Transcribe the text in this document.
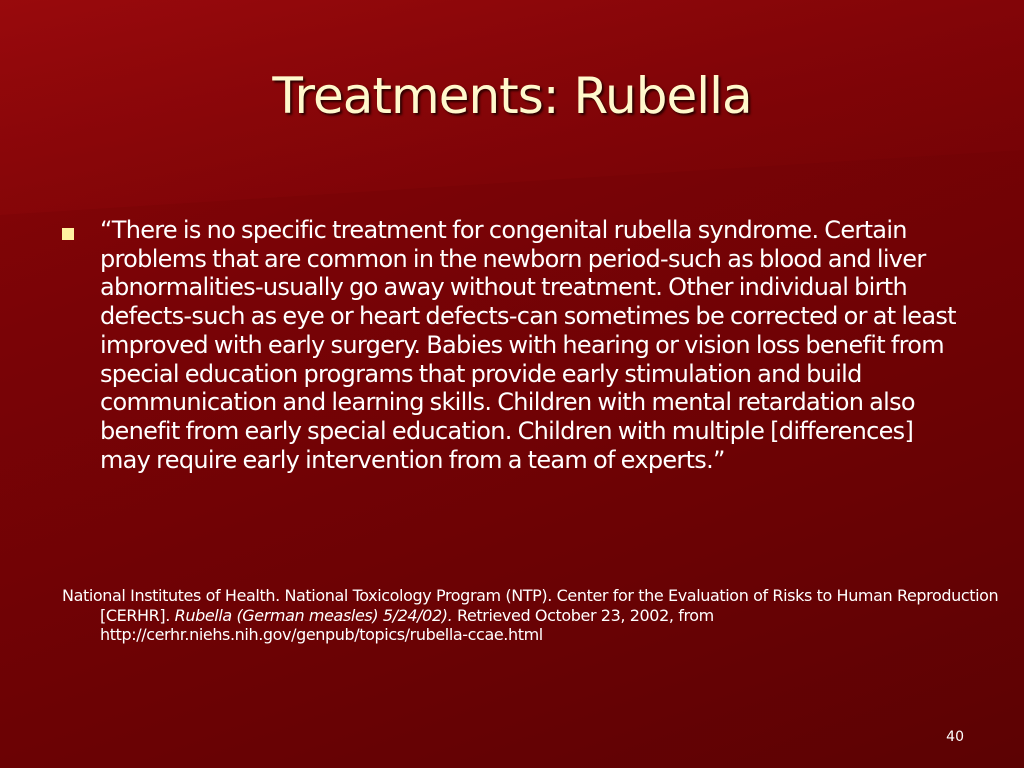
Treatments: Rubella
“There is no specific treatment for congenital rubella syndrome. Certain problems that are common in the newborn period-such as blood and liver abnormalities-usually go away without treatment. Other individual birth defects-such as eye or heart defects-can sometimes be corrected or at least improved with early surgery. Babies with hearing or vision loss benefit from special education programs that provide early stimulation and build communication and learning skills. Children with mental retardation also benefit from early special education. Children with multiple [differences] may require early intervention from a team of experts.”
National Institutes of Health. National Toxicology Program (NTP). Center for the Evaluation of Risks to Human Reproduction [CERHR]. Rubella (German measles) 5/24/02). Retrieved October 23, 2002, from http://cerhr.niehs.nih.gov/genpub/topics/rubella-ccae.html
40
